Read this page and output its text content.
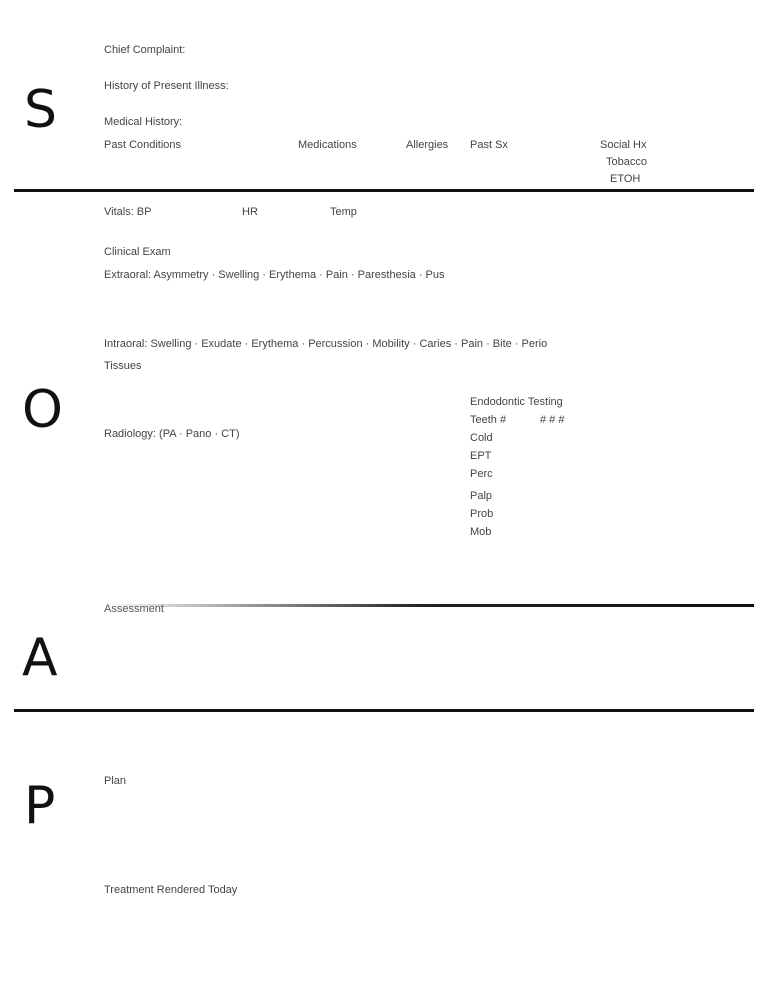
S
Chief Complaint:
History of Present Illness:
Medical History:
Past Conditions	Medications	Allergies Past Sx	Social Hx
Tobacco
ETOH
O
Vitals: BP	HR	Temp
Clinical Exam
Extraoral: Asymmetry · Swelling · Erythema · Pain · Paresthesia · Pus
Intraoral: Swelling · Exudate · Erythema · Percussion · Mobility · Caries · Pain · Bite · Perio
Tissues
Radiology: (PA · Pano · CT)
Endodontic Testing
Teeth #	# # #
Cold
EPT
Perc
Palp
Prob
Mob
Assessment
A
P	Plan
Treatment Rendered Today
